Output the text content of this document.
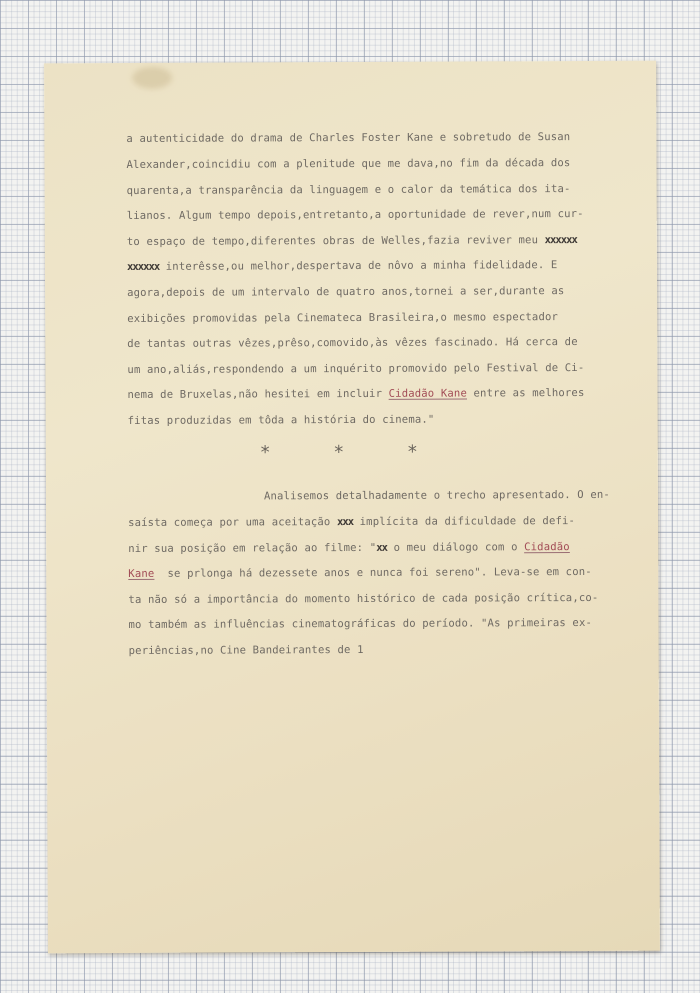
a autenticidade do drama de Charles Foster Kane e sobretudo de Susan
Alexander,coincidiu com a plenitude que me dava,no fim da década dos
quarenta,a transparência da linguagem e o calor da temática dos ita-
lianos. Algum tempo depois,entretanto,a oportunidade de rever,num cur-
to espaço de tempo,diferentes obras de Welles,fazia reviver meu xxxxxx
xxxxxx interêsse,ou melhor,despertava de nôvo a minha fidelidade. E
agora,depois de um intervalo de quatro anos,tornei a ser,durante as
exibições promovidas pela Cinemateca Brasileira,o mesmo espectador
de tantas outras vêzes,prêso,comovido,às vêzes fascinado. Há cerca de
um ano,aliás,respondendo a um inquérito promovido pelo Festival de Ci-
nema de Bruxelas,não hesitei em incluir Cidadão Kane entre as melhores
fitas produzidas em tôda a história do cinema."
* * *
Analisemos detalhadamente o trecho apresentado. O en-
saísta começa por uma aceitação xxx implícita da dificuldade de defi-
nir sua posição em relação ao filme: "xx o meu diálogo com o Cidadão
Kane  se prlonga há dezessete anos e nunca foi sereno". Leva-se em con-
ta não só a importância do momento histórico de cada posição crítica,co-
mo também as influências cinematográficas do período. "As primeiras ex-
periências,no Cine Bandeirantes de 1
